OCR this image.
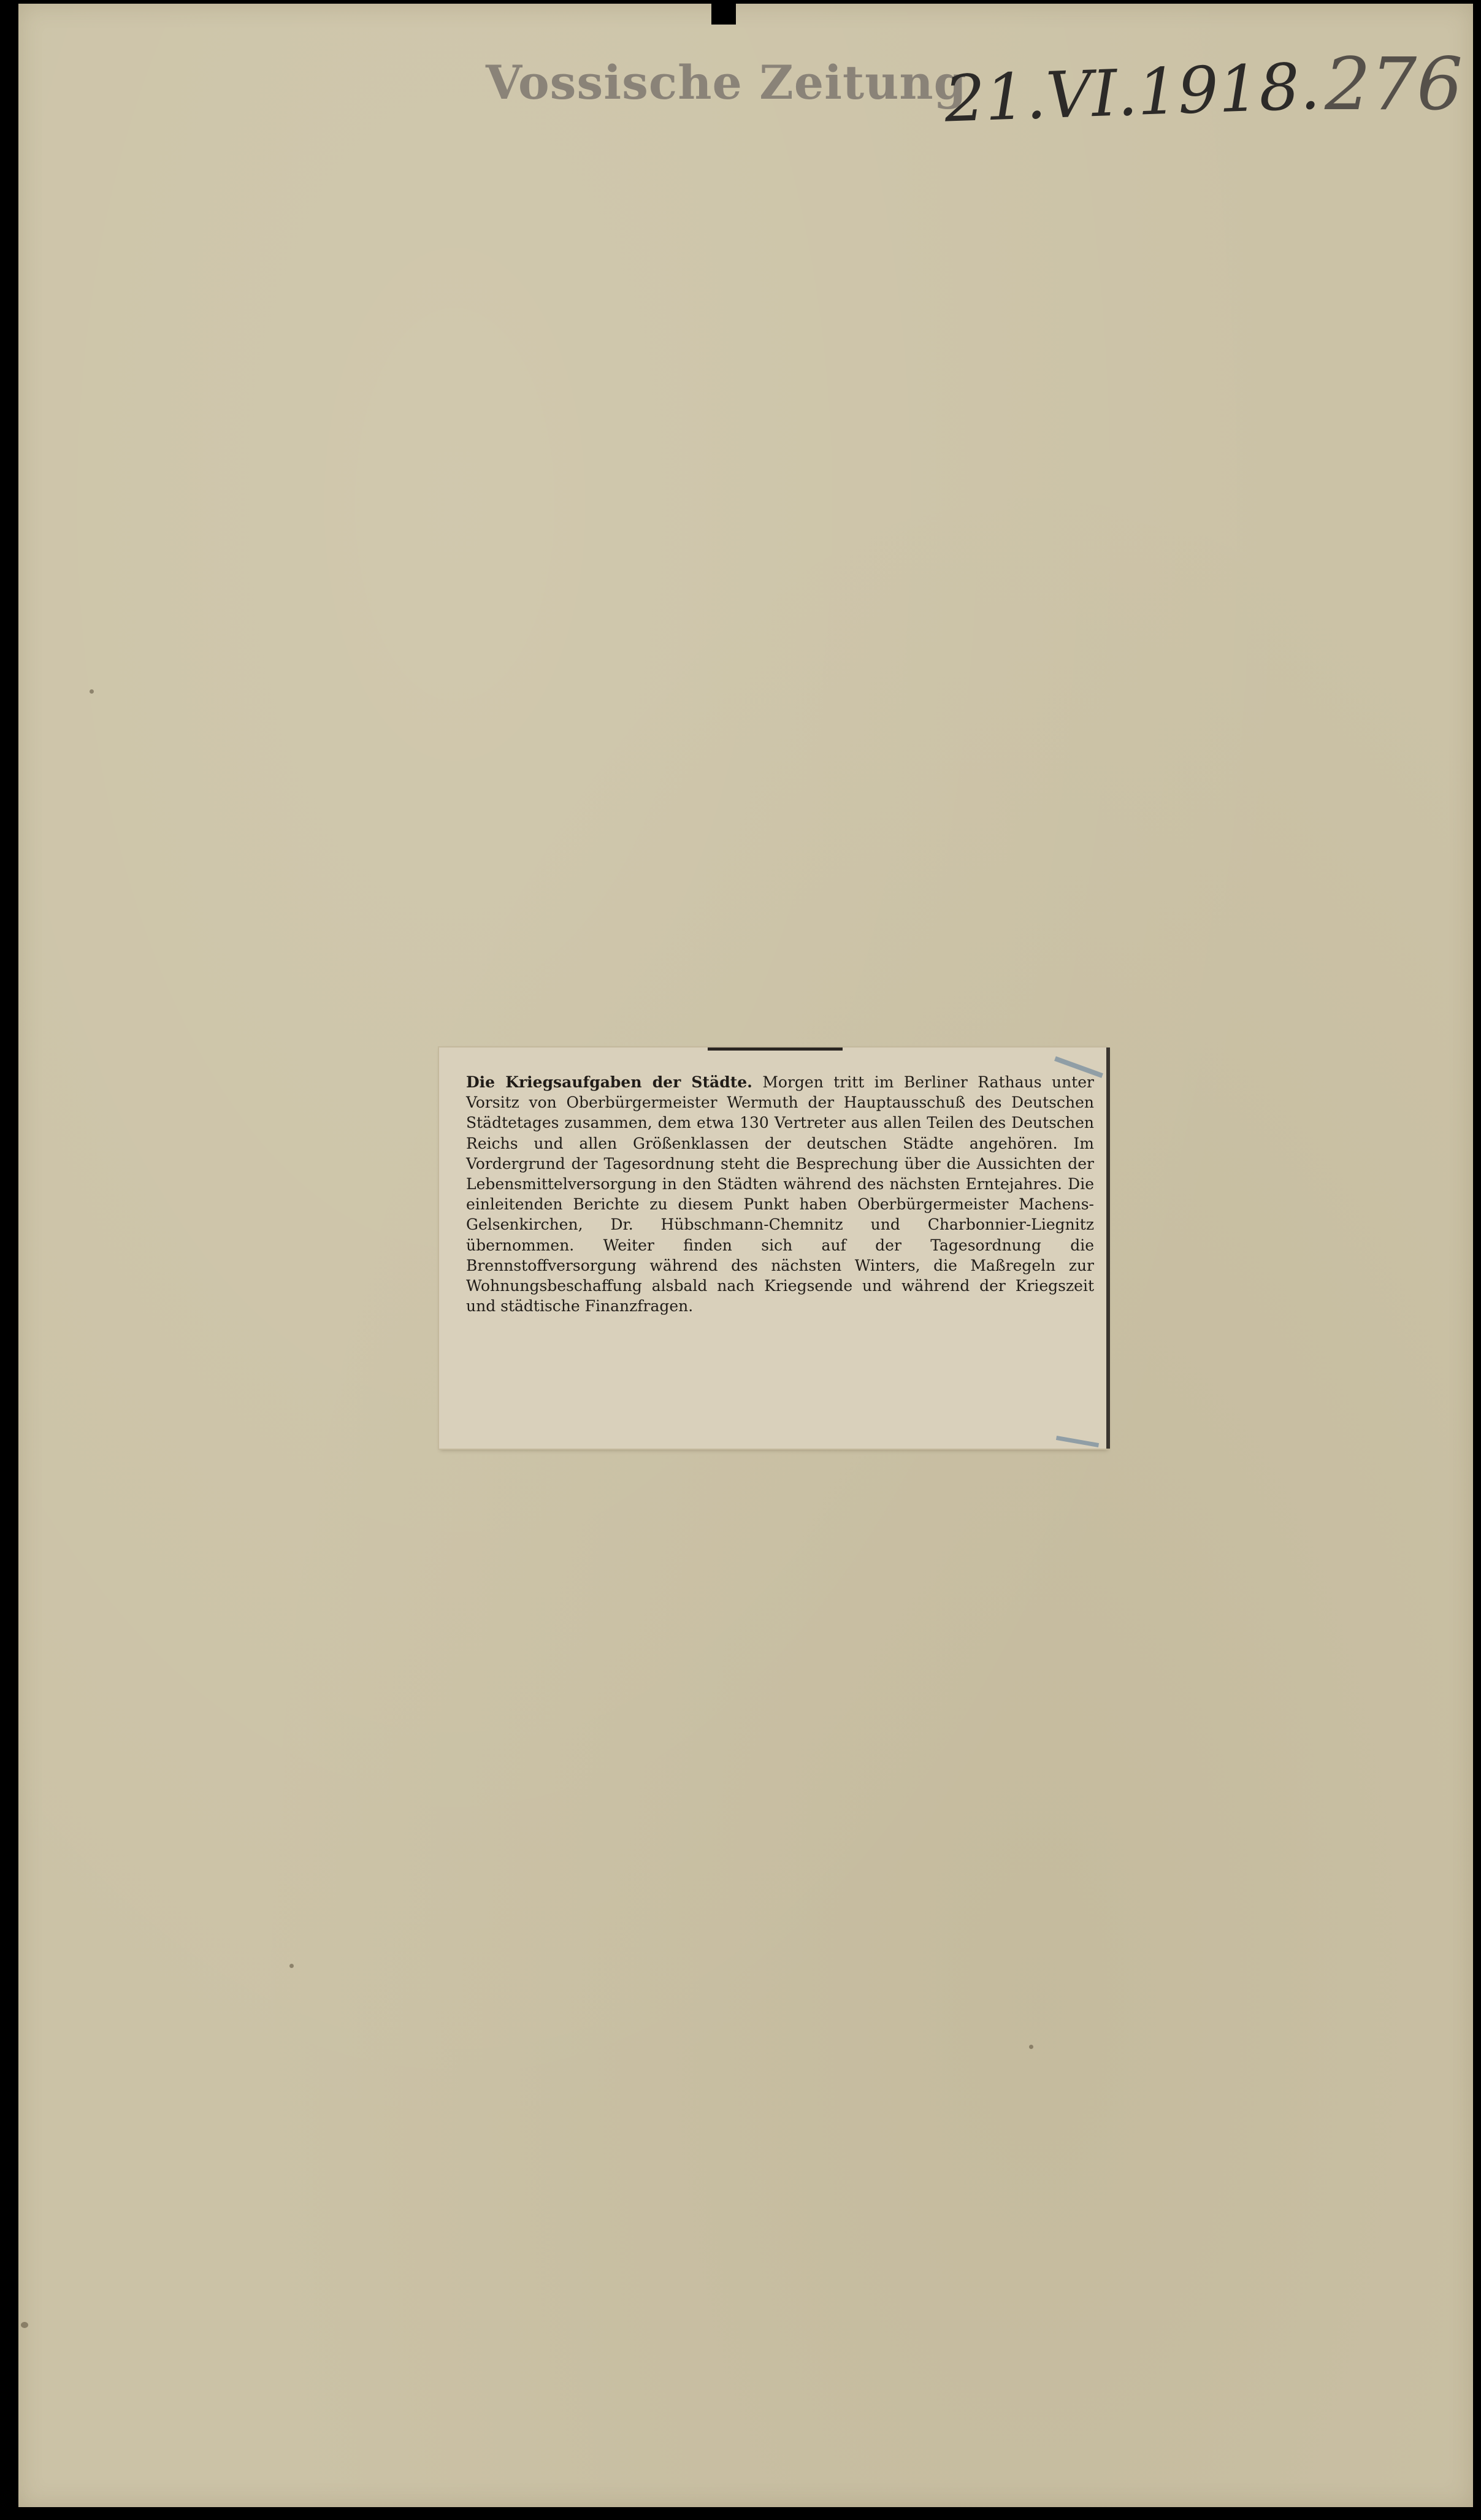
Vossische Zeitung
21.VI.1918. 276

Die Kriegsaufgaben der Städte. Morgen tritt im Berliner Rathaus unter Vorsitz von Oberbürgermeister Wermuth der Hauptausschuß des Deutschen Städtetages zusammen, dem etwa 130 Vertreter aus allen Teilen des Deutschen Reichs und allen Größenklassen der deutschen Städte angehören. Im Vordergrund der Tagesordnung steht die Besprechung über die Aussichten der Lebensmittelversorgung in den Städten während des nächsten Erntejahres. Die einleitenden Berichte zu diesem Punkt haben Oberbürgermeister Machens-Gelsenkirchen, Dr. Hübschmann-Chemnitz und Charbonnier-Liegnitz übernommen. Weiter finden sich auf der Tagesordnung die Brennstoffversorgung während des nächsten Winters, die Maßregeln zur Wohnungsbeschaffung alsbald nach Kriegsende und während der Kriegszeit und städtische Finanzfragen.
